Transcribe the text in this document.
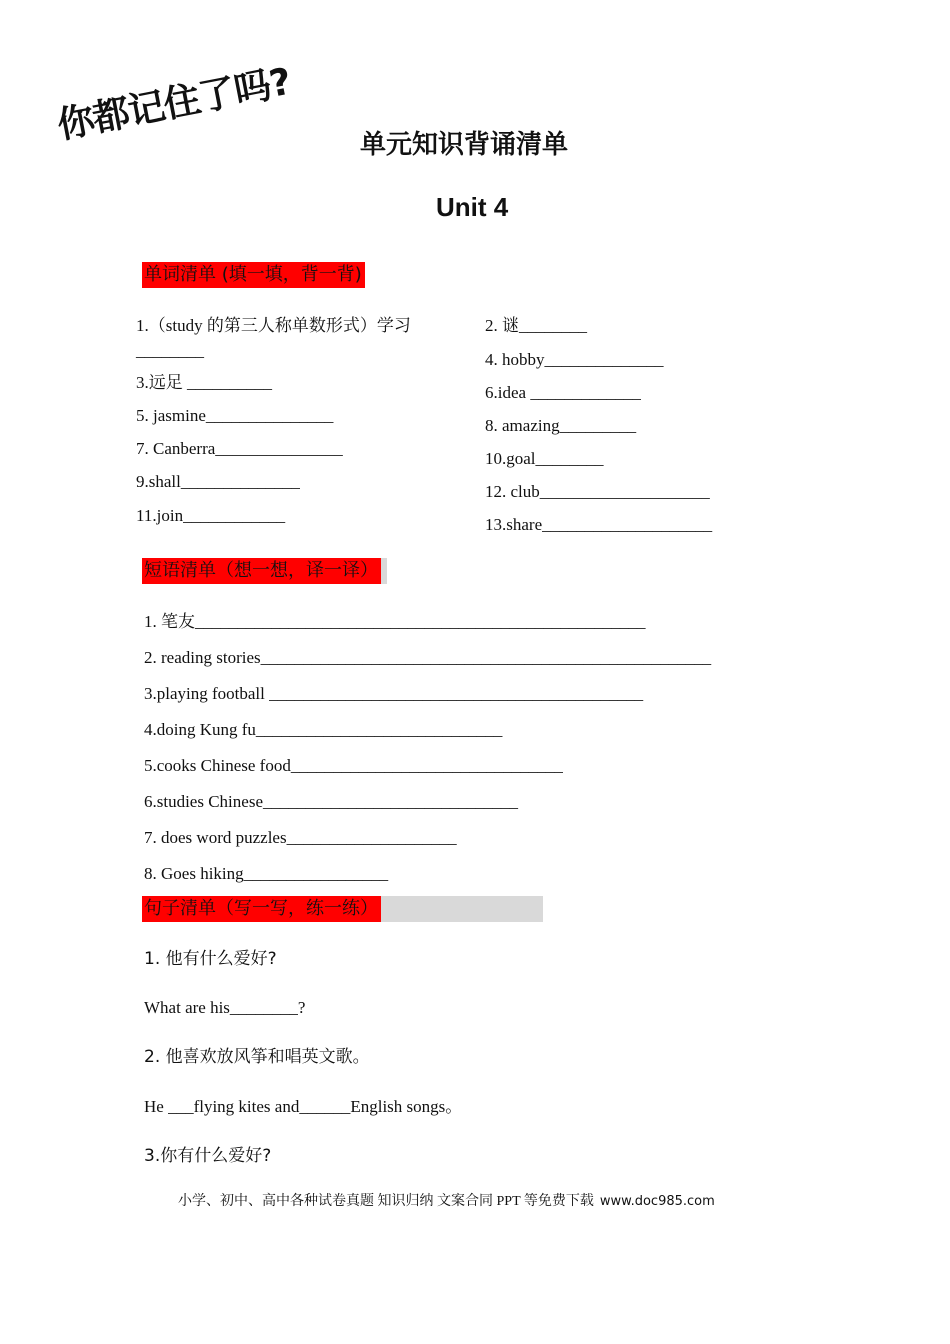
你都记住了吗?	单元知识背诵清单
Unit 4
单词清单 (填一填，背一背)
1.（study 的第三人称单数形式）学习
________
3.远足 __________
5. jasmine_______________
7. Canberra_______________
9.shall______________
11.join____________
2. 谜________
4. hobby______________
6.idea _____________
8. amazing_________
10.goal________
12. club____________________
13.share____________________
短语清单（想一想，译一译）
1. 笔友_____________________________________________________
2. reading stories_____________________________________________________
3.playing football ____________________________________________
4.doing Kung fu_____________________________
5.cooks Chinese food________________________________
6.studies Chinese______________________________
7. does word puzzles____________________
8. Goes hiking_________________
句子清单（写一写，练一练）
1. 他有什么爱好?
What are his________?
2. 他喜欢放风筝和唱英文歌。
He ___flying kites and______English songs。
3.你有什么爱好?
小学、初中、高中各种试卷真题 知识归纳 文案合同 PPT 等免费下载 www.doc985.com
